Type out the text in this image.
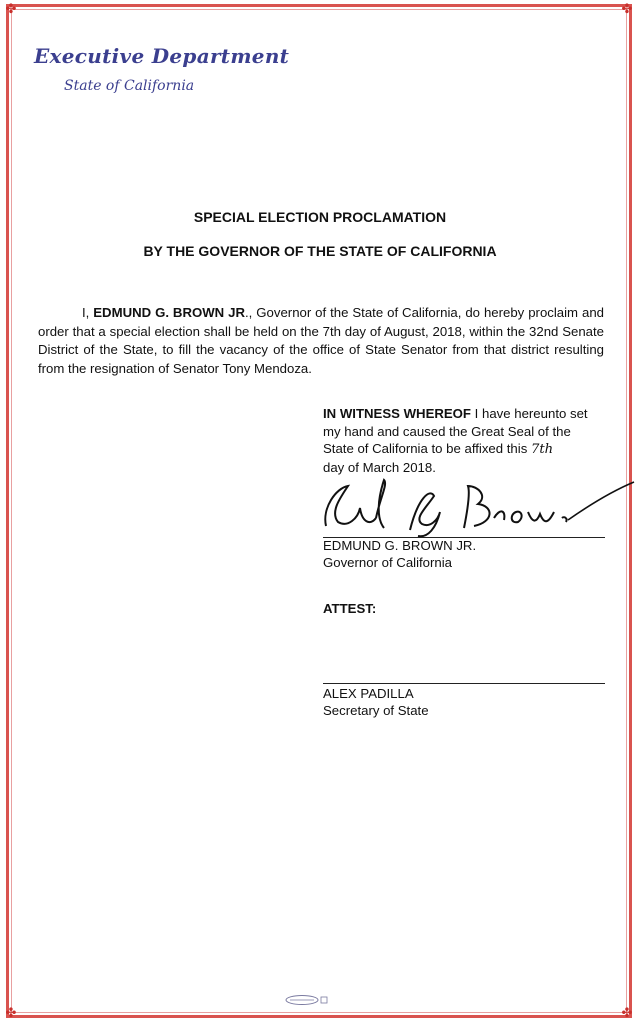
✤	✤
✤	✤
Executive Department
State of California
SPECIAL ELECTION PROCLAMATION
BY THE GOVERNOR OF THE STATE OF CALIFORNIA
I, EDMUND G. BROWN JR., Governor of the State of California, do hereby proclaim and order that a special election shall be held on the 7th day of August, 2018, within the 32nd Senate District of the State, to fill the vacancy of the office of State Senator from that district resulting from the resignation of Senator Tony Mendoza.
IN WITNESS WHEREOF I have hereunto set my hand and caused the Great Seal of the State of California to be affixed this 7th
day of March 2018.
EDMUND G. BROWN JR.
Governor of California
ATTEST:
ALEX PADILLA
Secretary of State
